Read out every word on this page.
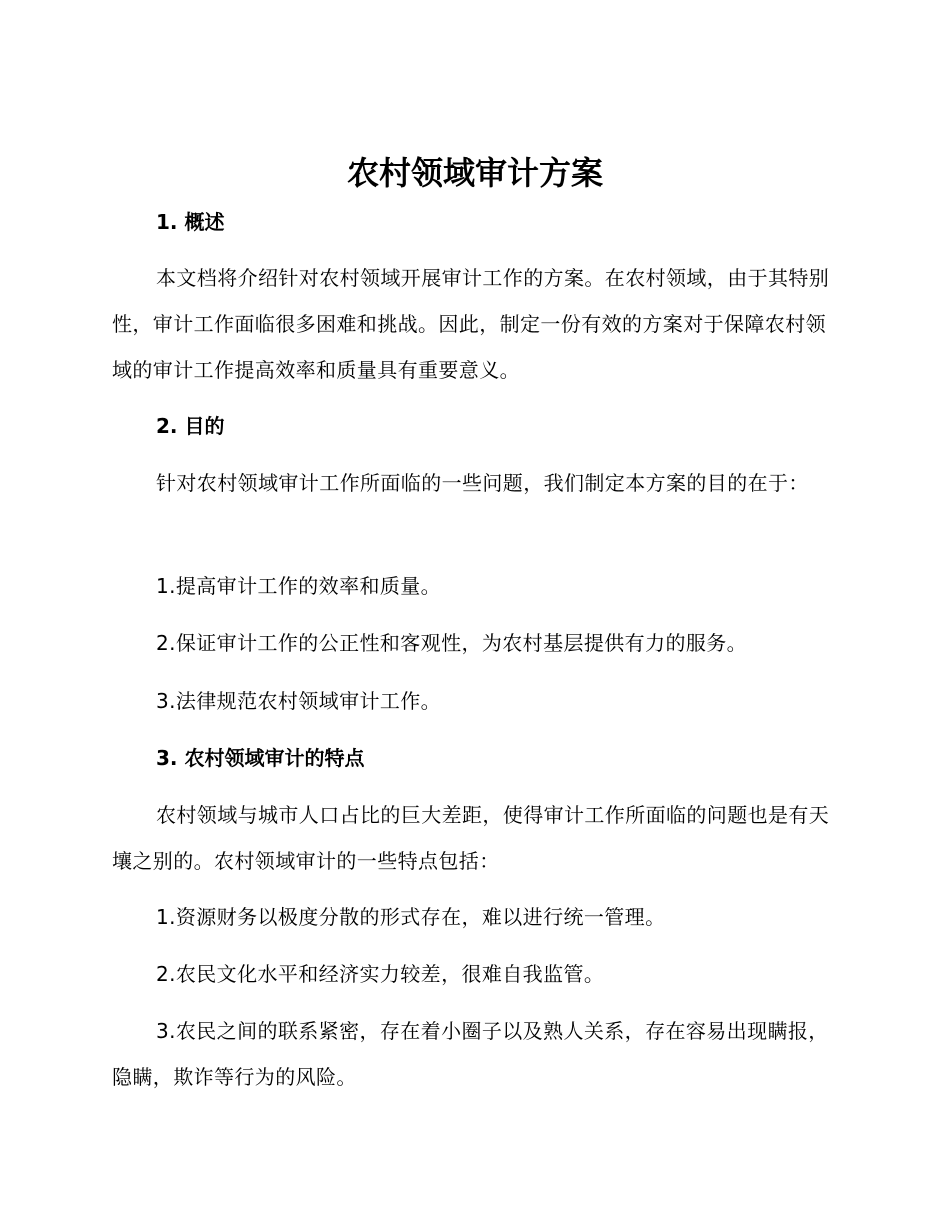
农村领域审计方案
1. 概述

本文档将介绍针对农村领域开展审计工作的方案。在农村领域，由于其特别性，审计工作面临很多困难和挑战。因此，制定一份有效的方案对于保障农村领域的审计工作提高效率和质量具有重要意义。

2. 目的

针对农村领域审计工作所面临的一些问题，我们制定本方案的目的在于：

1.提高审计工作的效率和质量。

2.保证审计工作的公正性和客观性，为农村基层提供有力的服务。

3.法律规范农村领域审计工作。

3. 农村领域审计的特点

农村领域与城市人口占比的巨大差距，使得审计工作所面临的问题也是有天壤之别的。农村领域审计的一些特点包括：

1.资源财务以极度分散的形式存在，难以进行统一管理。

2.农民文化水平和经济实力较差，很难自我监管。

3.农民之间的联系紧密，存在着小圈子以及熟人关系，存在容易出现瞒报，隐瞒，欺诈等行为的风险。
